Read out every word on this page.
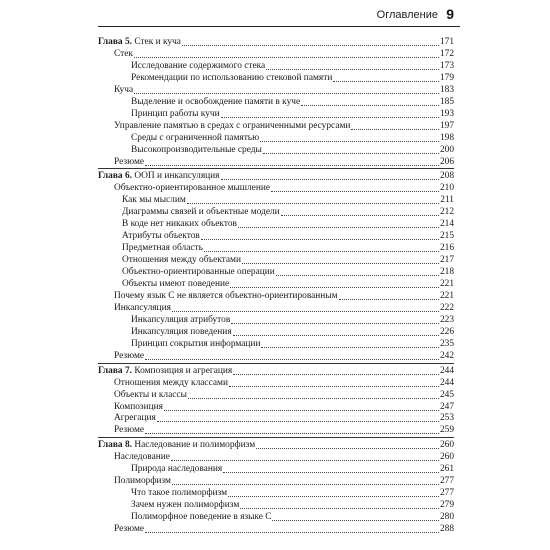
Оглавление 9
Глава 5. Стек и куча	171
Стек	172
Исследование содержимого стека	173
Рекомендации по использованию стековой памяти	179
Куча	183
Выделение и освобождение памяти в куче	185
Принцип работы кучи	193
Управление памятью в средах с ограниченными ресурсами	197
Среды с ограниченной памятью	198
Высокопроизводительные среды	200
Резюме	206
Глава 6. ООП и инкапсуляция	208
Объектно-ориентированное мышление	210
Как мы мыслим	211
Диаграммы связей и объектные модели	212
В коде нет никаких объектов	214
Атрибуты объектов	215
Предметная область	216
Отношения между объектами	217
Объектно-ориентированные операции	218
Объекты имеют поведение	221
Почему язык C не является объектно-ориентированным	221
Инкапсуляция	222
Инкапсуляция атрибутов	223
Инкапсуляция поведения	226
Принцип сокрытия информации	235
Резюме	242
Глава 7. Композиция и агрегация	244
Отношения между классами	244
Объекты и классы	245
Композиция	247
Агрегация	253
Резюме	259
Глава 8. Наследование и полиморфизм	260
Наследование	260
Природа наследования	261
Полиморфизм	277
Что такое полиморфизм	277
Зачем нужен полиморфизм	279
Полиморфное поведение в языке C	280
Резюме	288
